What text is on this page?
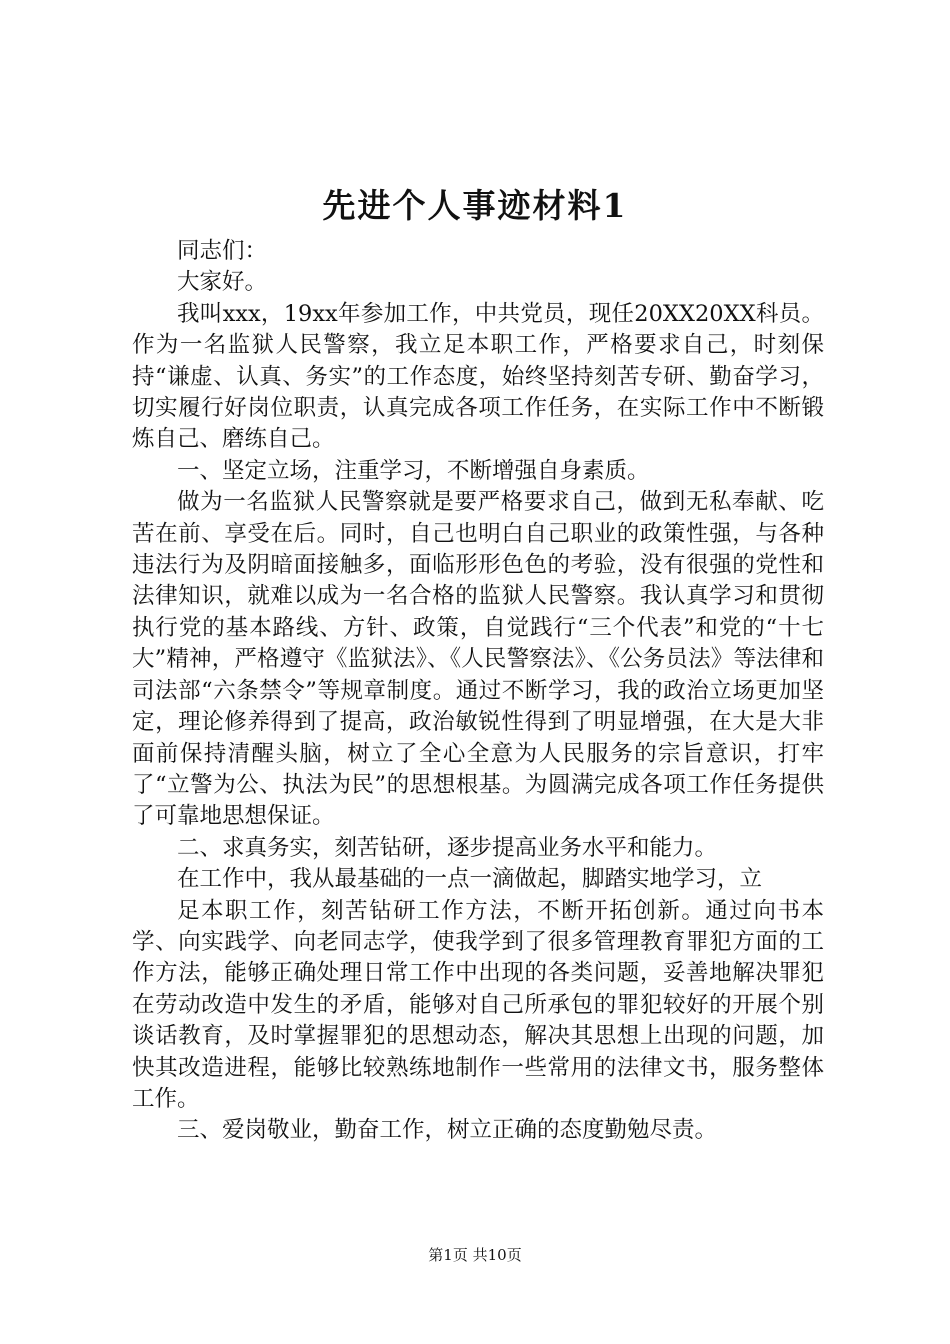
先进个人事迹材料1

同志们：

大家好。

我叫xxx，19xx年参加工作，中共党员，现任20XX20XX科员。作为一名监狱人民警察，我立足本职工作，严格要求自己，时刻保持“谦虚、认真、务实”的工作态度，始终坚持刻苦专研、勤奋学习，切实履行好岗位职责，认真完成各项工作任务，在实际工作中不断锻炼自己、磨练自己。

一、坚定立场，注重学习，不断增强自身素质。

做为一名监狱人民警察就是要严格要求自己，做到无私奉献、吃苦在前、享受在后。同时，自己也明白自己职业的政策性强，与各种违法行为及阴暗面接触多，面临形形色色的考验，没有很强的党性和法律知识，就难以成为一名合格的监狱人民警察。我认真学习和贯彻执行党的基本路线、方针、政策，自觉践行“三个代表”和党的“十七大”精神，严格遵守《监狱法》、《人民警察法》、《公务员法》等法律和司法部“六条禁令”等规章制度。通过不断学习，我的政治立场更加坚定，理论修养得到了提高，政治敏锐性得到了明显增强，在大是大非面前保持清醒头脑，树立了全心全意为人民服务的宗旨意识，打牢了“立警为公、执法为民”的思想根基。为圆满完成各项工作任务提供了可靠地思想保证。

二、求真务实，刻苦钻研，逐步提高业务水平和能力。

在工作中，我从最基础的一点一滴做起，脚踏实地学习，立

足本职工作，刻苦钻研工作方法，不断开拓创新。通过向书本学、向实践学、向老同志学，使我学到了很多管理教育罪犯方面的工作方法，能够正确处理日常工作中出现的各类问题，妥善地解决罪犯在劳动改造中发生的矛盾，能够对自己所承包的罪犯较好的开展个别谈话教育，及时掌握罪犯的思想动态，解决其思想上出现的问题，加快其改造进程，能够比较熟练地制作一些常用的法律文书，服务整体工作。

三、爱岗敬业，勤奋工作，树立正确的态度勤勉尽责。

第1页 共10页
